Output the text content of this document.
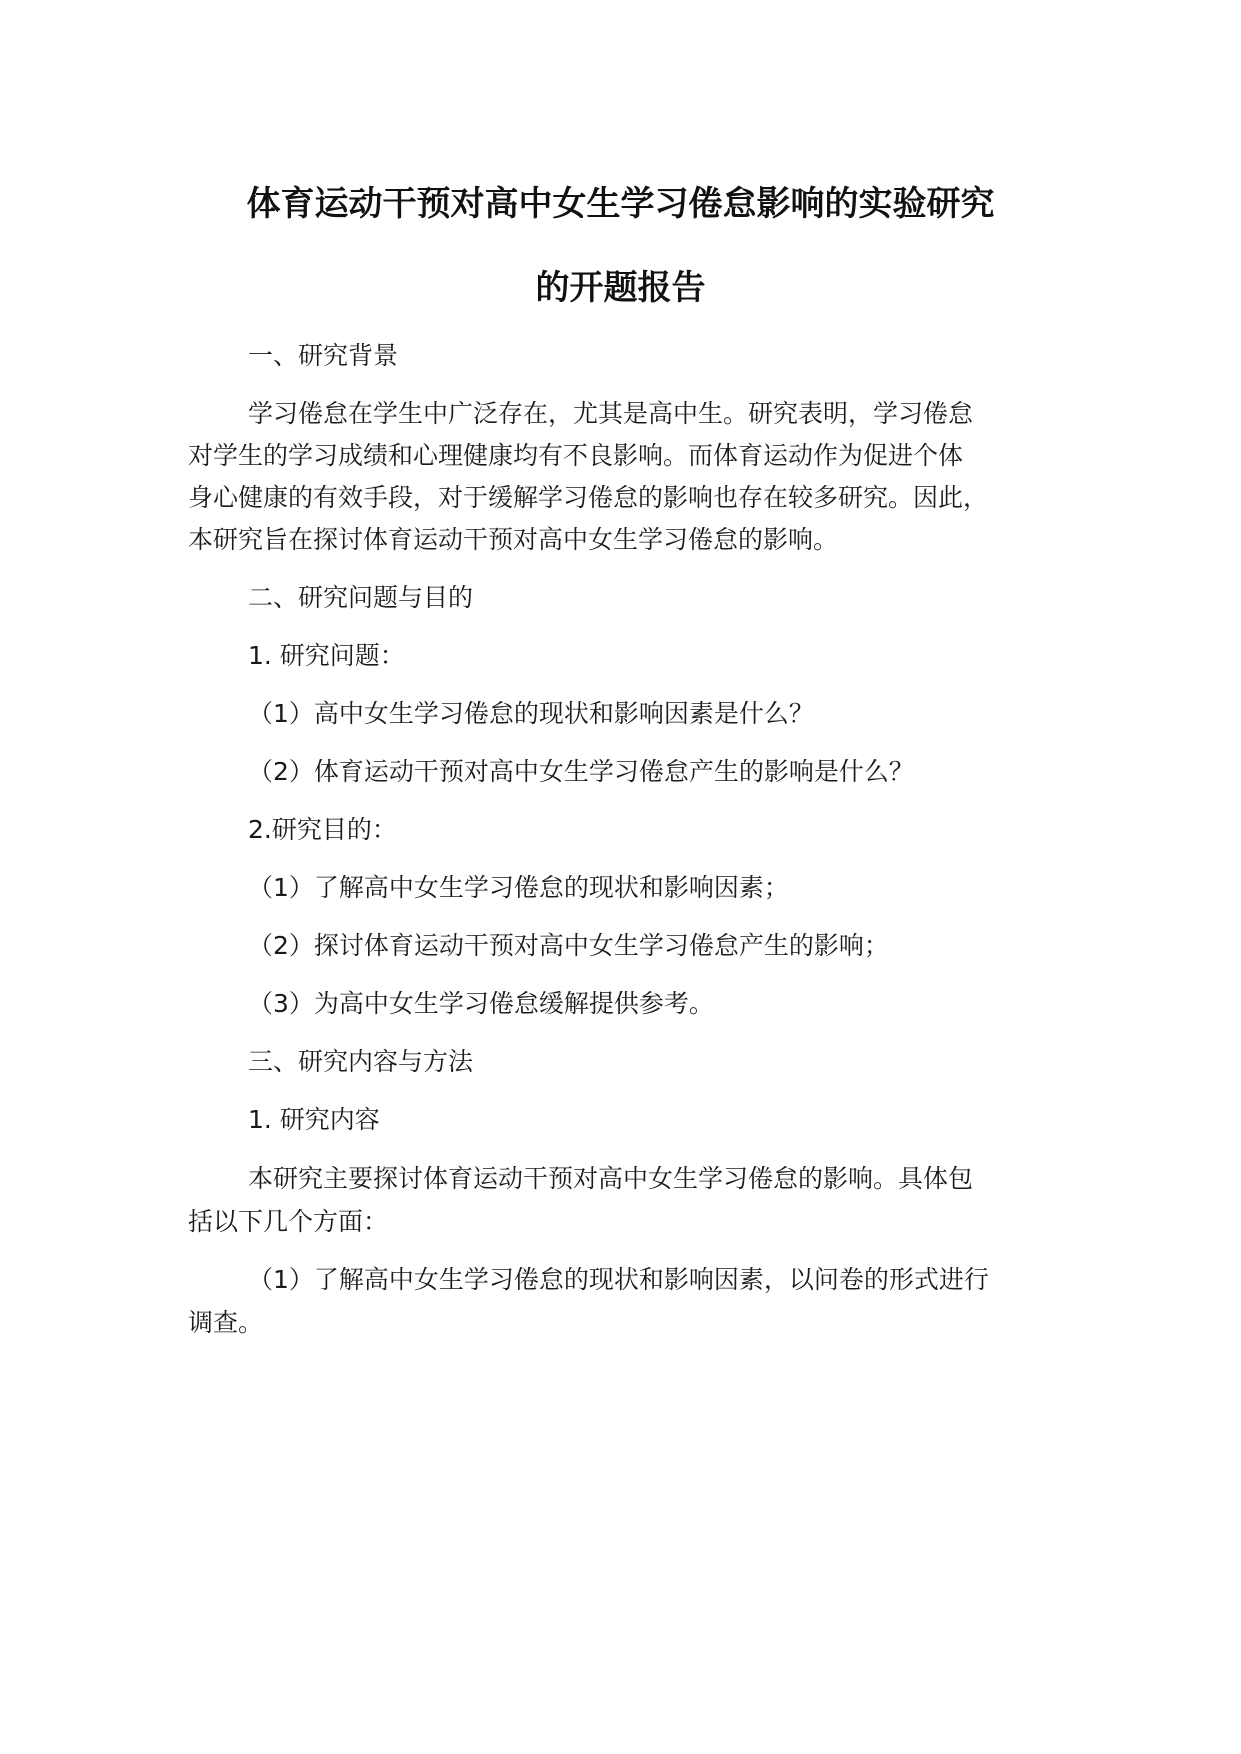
体育运动干预对高中女生学习倦怠影响的实验研究
的开题报告
一、研究背景
学习倦怠在学生中广泛存在，尤其是高中生。研究表明，学习倦怠
对学生的学习成绩和心理健康均有不良影响。而体育运动作为促进个体
身心健康的有效手段，对于缓解学习倦怠的影响也存在较多研究。因此，
本研究旨在探讨体育运动干预对高中女生学习倦怠的影响。
二、研究问题与目的
1. 研究问题：
（1）高中女生学习倦怠的现状和影响因素是什么？
（2）体育运动干预对高中女生学习倦怠产生的影响是什么？
2.研究目的：
（1）了解高中女生学习倦怠的现状和影响因素；
（2）探讨体育运动干预对高中女生学习倦怠产生的影响；
（3）为高中女生学习倦怠缓解提供参考。
三、研究内容与方法
1. 研究内容
本研究主要探讨体育运动干预对高中女生学习倦怠的影响。具体包
括以下几个方面：
（1）了解高中女生学习倦怠的现状和影响因素，以问卷的形式进行
调查。
